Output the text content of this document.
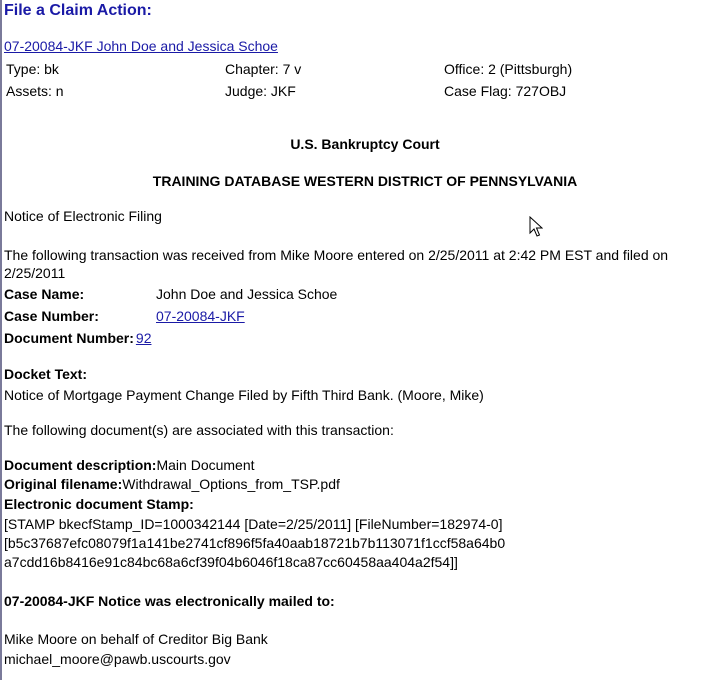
File a Claim Action:
07-20084-JKF John Doe and Jessica Schoe
Type: bk	Chapter: 7 v	Office: 2 (Pittsburgh)
Assets: n	Judge: JKF	Case Flag: 727OBJ
U.S. Bankruptcy Court
TRAINING DATABASE WESTERN DISTRICT OF PENNSYLVANIA
Notice of Electronic Filing
The following transaction was received from Mike Moore entered on 2/25/2011 at 2:42 PM EST and filed on 2/25/2011
Case Name:	John Doe and Jessica Schoe
Case Number:	07-20084-JKF
Document Number: 92
Docket Text:
Notice of Mortgage Payment Change Filed by Fifth Third Bank. (Moore, Mike)
The following document(s) are associated with this transaction:
Document description:Main Document
Original filename:Withdrawal_Options_from_TSP.pdf
Electronic document Stamp:
[STAMP bkecfStamp_ID=1000342144 [Date=2/25/2011] [FileNumber=182974-0]
[b5c37687efc08079f1a141be2741cf896f5fa40aab18721b7b113071f1ccf58a64b0
a7cdd16b8416e91c84bc68a6cf39f04b6046f18ca87cc60458aa404a2f54]]
07-20084-JKF Notice was electronically mailed to:
Mike Moore on behalf of Creditor Big Bank
michael_moore@pawb.uscourts.gov
